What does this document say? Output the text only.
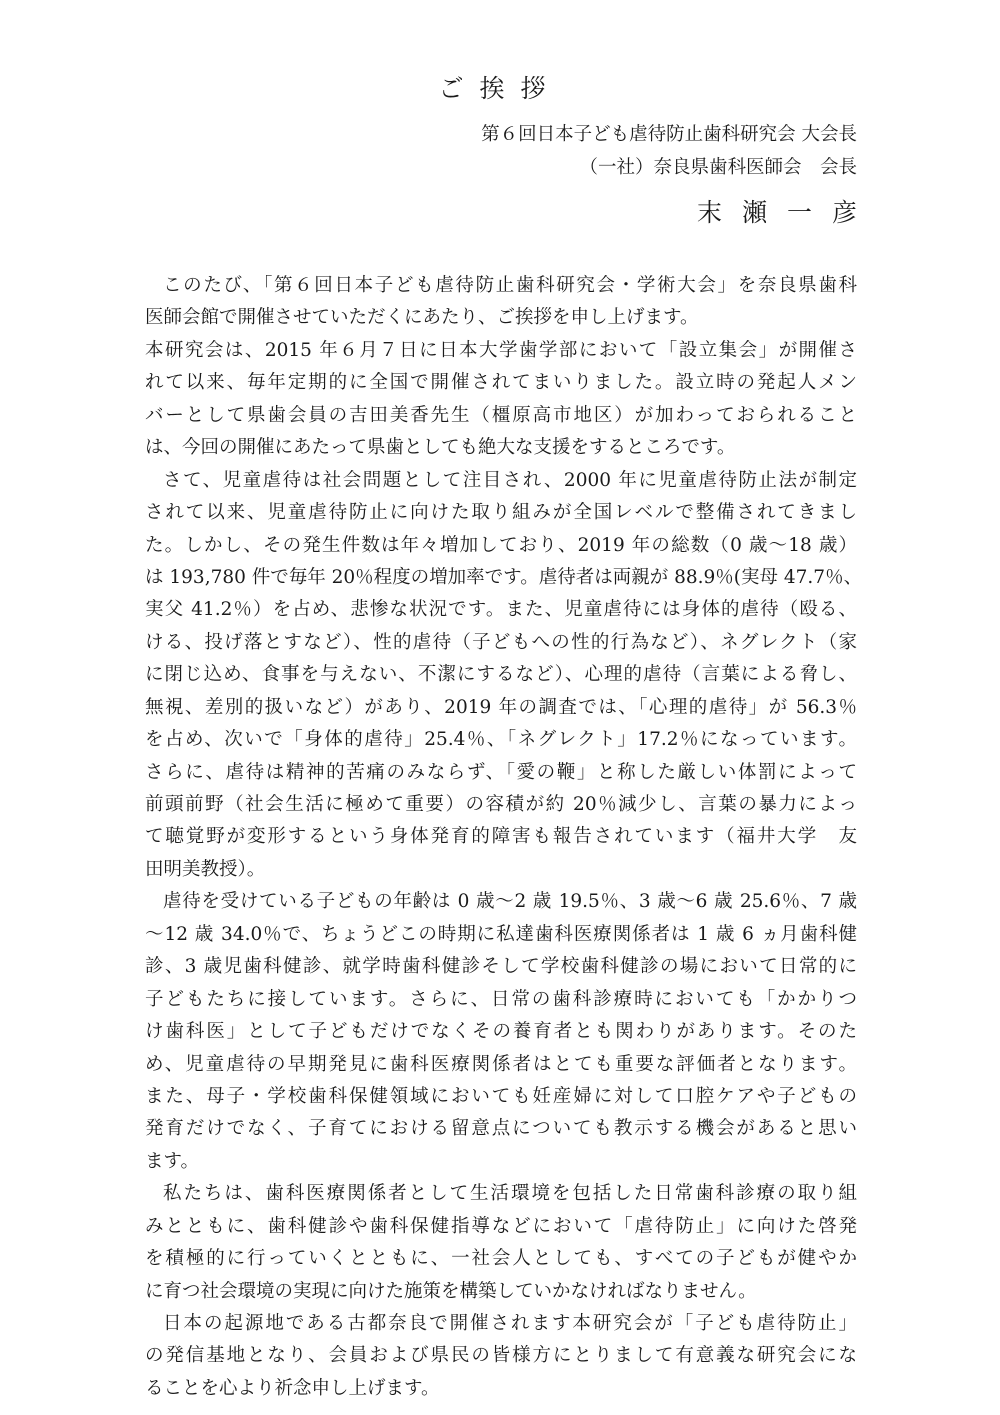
ご挨拶
第６回日本子ども虐待防止歯科研究会 大会長
（一社）奈良県歯科医師会　会長
末瀬一彦
このたび、「第６回日本子ども虐待防止歯科研究会・学術大会」を奈良県歯科
医師会館で開催させていただくにあたり、ご挨拶を申し上げます。
本研究会は、2015 年６月７日に日本大学歯学部において「設立集会」が開催さ
れて以来、毎年定期的に全国で開催されてまいりました。設立時の発起人メン
バーとして県歯会員の吉田美香先生（橿原高市地区）が加わっておられること
は、今回の開催にあたって県歯としても絶大な支援をするところです。
さて、児童虐待は社会問題として注目され、2000 年に児童虐待防止法が制定
されて以来、児童虐待防止に向けた取り組みが全国レベルで整備されてきまし
た。しかし、その発生件数は年々増加しており、2019 年の総数（0 歳～18 歳）
は 193,780 件で毎年 20％程度の増加率です。虐待者は両親が 88.9％(実母 47.7％、
実父 41.2％）を占め、悲惨な状況です。また、児童虐待には身体的虐待（殴る、
ける、投げ落とすなど）、性的虐待（子どもへの性的行為など）、ネグレクト（家
に閉じ込め、食事を与えない、不潔にするなど）、心理的虐待（言葉による脅し、
無視、差別的扱いなど）があり、2019 年の調査では、「心理的虐待」が 56.3％
を占め、次いで「身体的虐待」25.4％、「ネグレクト」17.2％になっています。
さらに、虐待は精神的苦痛のみならず、「愛の鞭」と称した厳しい体罰によって
前頭前野（社会生活に極めて重要）の容積が約 20％減少し、言葉の暴力によっ
て聴覚野が変形するという身体発育的障害も報告されています（福井大学　友
田明美教授）。
虐待を受けている子どもの年齢は 0 歳～2 歳 19.5％、3 歳～6 歳 25.6％、7 歳
～12 歳 34.0％で、ちょうどこの時期に私達歯科医療関係者は 1 歳 6 ヵ月歯科健
診、3 歳児歯科健診、就学時歯科健診そして学校歯科健診の場において日常的に
子どもたちに接しています。さらに、日常の歯科診療時においても「かかりつ
け歯科医」として子どもだけでなくその養育者とも関わりがあります。そのた
め、児童虐待の早期発見に歯科医療関係者はとても重要な評価者となります。
また、母子・学校歯科保健領域においても妊産婦に対して口腔ケアや子どもの
発育だけでなく、子育てにおける留意点についても教示する機会があると思い
ます。
私たちは、歯科医療関係者として生活環境を包括した日常歯科診療の取り組
みとともに、歯科健診や歯科保健指導などにおいて「虐待防止」に向けた啓発
を積極的に行っていくとともに、一社会人としても、すべての子どもが健やか
に育つ社会環境の実現に向けた施策を構築していかなければなりません。
日本の起源地である古都奈良で開催されます本研究会が「子ども虐待防止」
の発信基地となり、会員および県民の皆様方にとりまして有意義な研究会にな
ることを心より祈念申し上げます。
